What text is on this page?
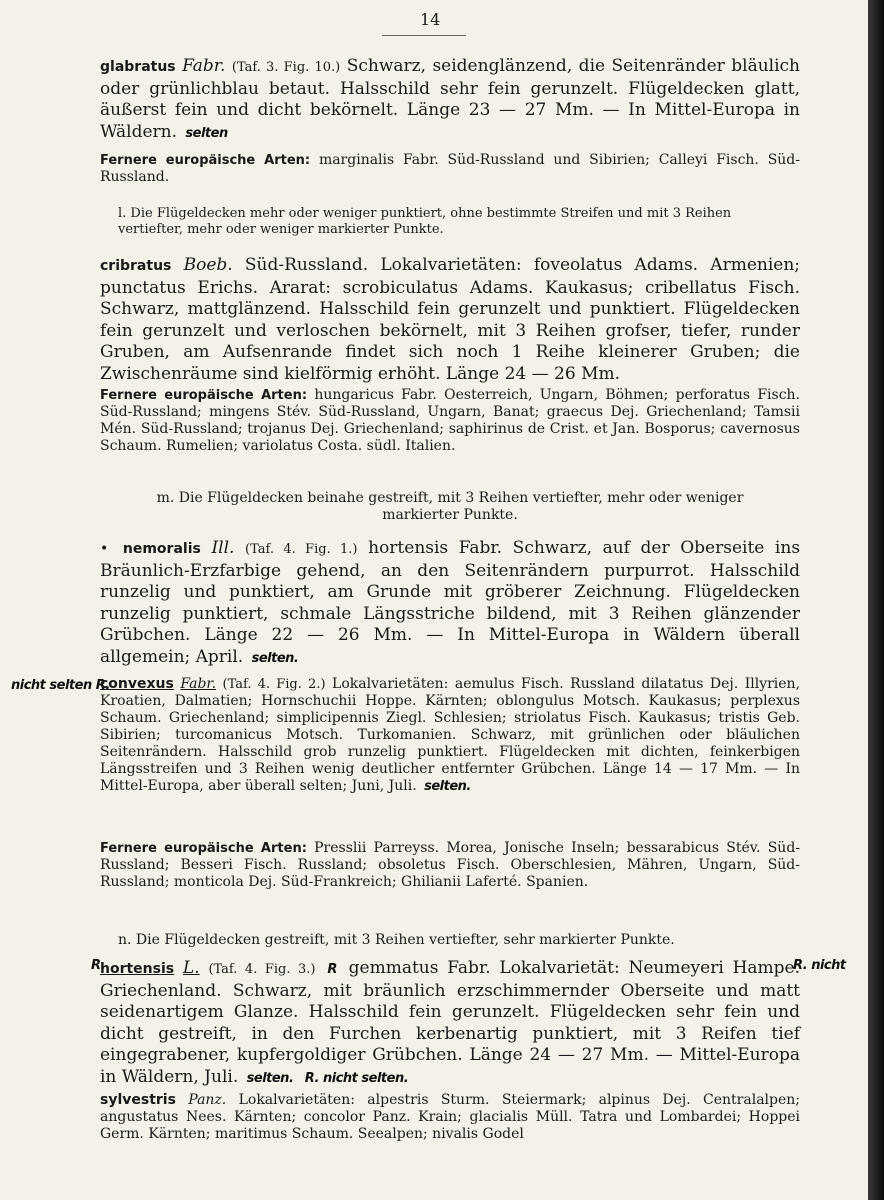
14
glabratus Fabr. (Taf. 3. Fig. 10.) Schwarz, seidenglänzend, die Seitenränder bläulich oder grünlichblau betaut. Halsschild sehr fein gerunzelt. Flügeldecken glatt, äußerst fein und dicht bekörnelt. Länge 23 — 27 Mm. — In Mittel-Europa in Wäldern. selten
Fernere europäische Arten: marginalis Fabr. Süd-Russland und Sibirien; Calleyi Fisch. Süd-Russland.
l. Die Flügeldecken mehr oder weniger punktiert, ohne bestimmte Streifen und mit 3 Reihen vertiefter, mehr oder weniger markierter Punkte.
cribratus Boeb. Süd-Russland. Lokalvarietäten: foveolatus Adams. Armenien; punctatus Erichs. Ararat: scrobiculatus Adams. Kaukasus; cribellatus Fisch. Schwarz, mattglänzend. Halsschild fein gerunzelt und punktiert. Flügeldecken fein gerunzelt und verloschen bekörnelt, mit 3 Reihen grofser, tiefer, runder Gruben, am Aufsenrande findet sich noch 1 Reihe kleinerer Gruben; die Zwischenräume sind kielförmig erhöht. Länge 24 — 26 Mm.
Fernere europäische Arten: hungaricus Fabr. Oesterreich, Ungarn, Böhmen; perforatus Fisch. Süd-Russland; mingens Stév. Süd-Russland, Ungarn, Banat; graecus Dej. Griechenland; Tamsii Mén. Süd-Russland; trojanus Dej. Griechenland; saphirinus de Crist. et Jan. Bosporus; cavernosus Schaum. Rumelien; variolatus Costa. südl. Italien.
m. Die Flügeldecken beinahe gestreift, mit 3 Reihen vertiefter, mehr oder weniger markierter Punkte.
• nemoralis Ill. (Taf. 4. Fig. 1.) hortensis Fabr. Schwarz, auf der Oberseite ins Bräunlich-Erzfarbige gehend, an den Seitenrändern purpurrot. Halsschild runzelig und punktiert, am Grunde mit gröberer Zeichnung. Flügeldecken runzelig punktiert, schmale Längsstriche bildend, mit 3 Reihen glänzender Grübchen. Länge 22 — 26 Mm. — In Mittel-Europa in Wäldern überall allgemein; April. selten.
nicht selten R.
convexus Fabr. (Taf. 4. Fig. 2.) Lokalvarietäten: aemulus Fisch. Russland dilatatus Dej. Illyrien, Kroatien, Dalmatien; Hornschuchii Hoppe. Kärnten; oblongulus Motsch. Kaukasus; perplexus Schaum. Griechenland; simplicipennis Ziegl. Schlesien; striolatus Fisch. Kaukasus; tristis Geb. Sibirien; turcomanicus Motsch. Turkomanien. Schwarz, mit grünlichen oder bläulichen Seitenrändern. Halsschild grob runzelig punktiert. Flügeldecken mit dichten, feinkerbigen Längsstreifen und 3 Reihen wenig deutlicher entfernter Grübchen. Länge 14 — 17 Mm. — In Mittel-Europa, aber überall selten; Juni, Juli. selten.
Fernere europäische Arten: Presslii Parreyss. Morea, Jonische Inseln; bessarabicus Stév. Süd-Russland; Besseri Fisch. Russland; obsoletus Fisch. Oberschlesien, Mähren, Ungarn, Süd-Russland; monticola Dej. Süd-Frankreich; Ghilianii Laferté. Spanien.
n. Die Flügeldecken gestreift, mit 3 Reihen vertiefter, sehr markierter Punkte.
R.	R. nicht
hortensis L. (Taf. 4. Fig. 3.) R gemmatus Fabr. Lokalvarietät: Neumeyeri Hampe. Griechenland. Schwarz, mit bräunlich erzschimmernder Oberseite und matt seidenartigem Glanze. Halsschild fein gerunzelt. Flügeldecken sehr fein und dicht gestreift, in den Furchen kerbenartig punktiert, mit 3 Reifen tief eingegrabener, kupfergoldiger Grübchen. Länge 24 — 27 Mm. — Mittel-Europa in Wäldern, Juli. selten. R. nicht selten.
sylvestris Panz. Lokalvarietäten: alpestris Sturm. Steiermark; alpinus Dej. Centralalpen; angustatus Nees. Kärnten; concolor Panz. Krain; glacialis Müll. Tatra und Lombardei; Hoppei Germ. Kärnten; maritimus Schaum. Seealpen; nivalis Godel
